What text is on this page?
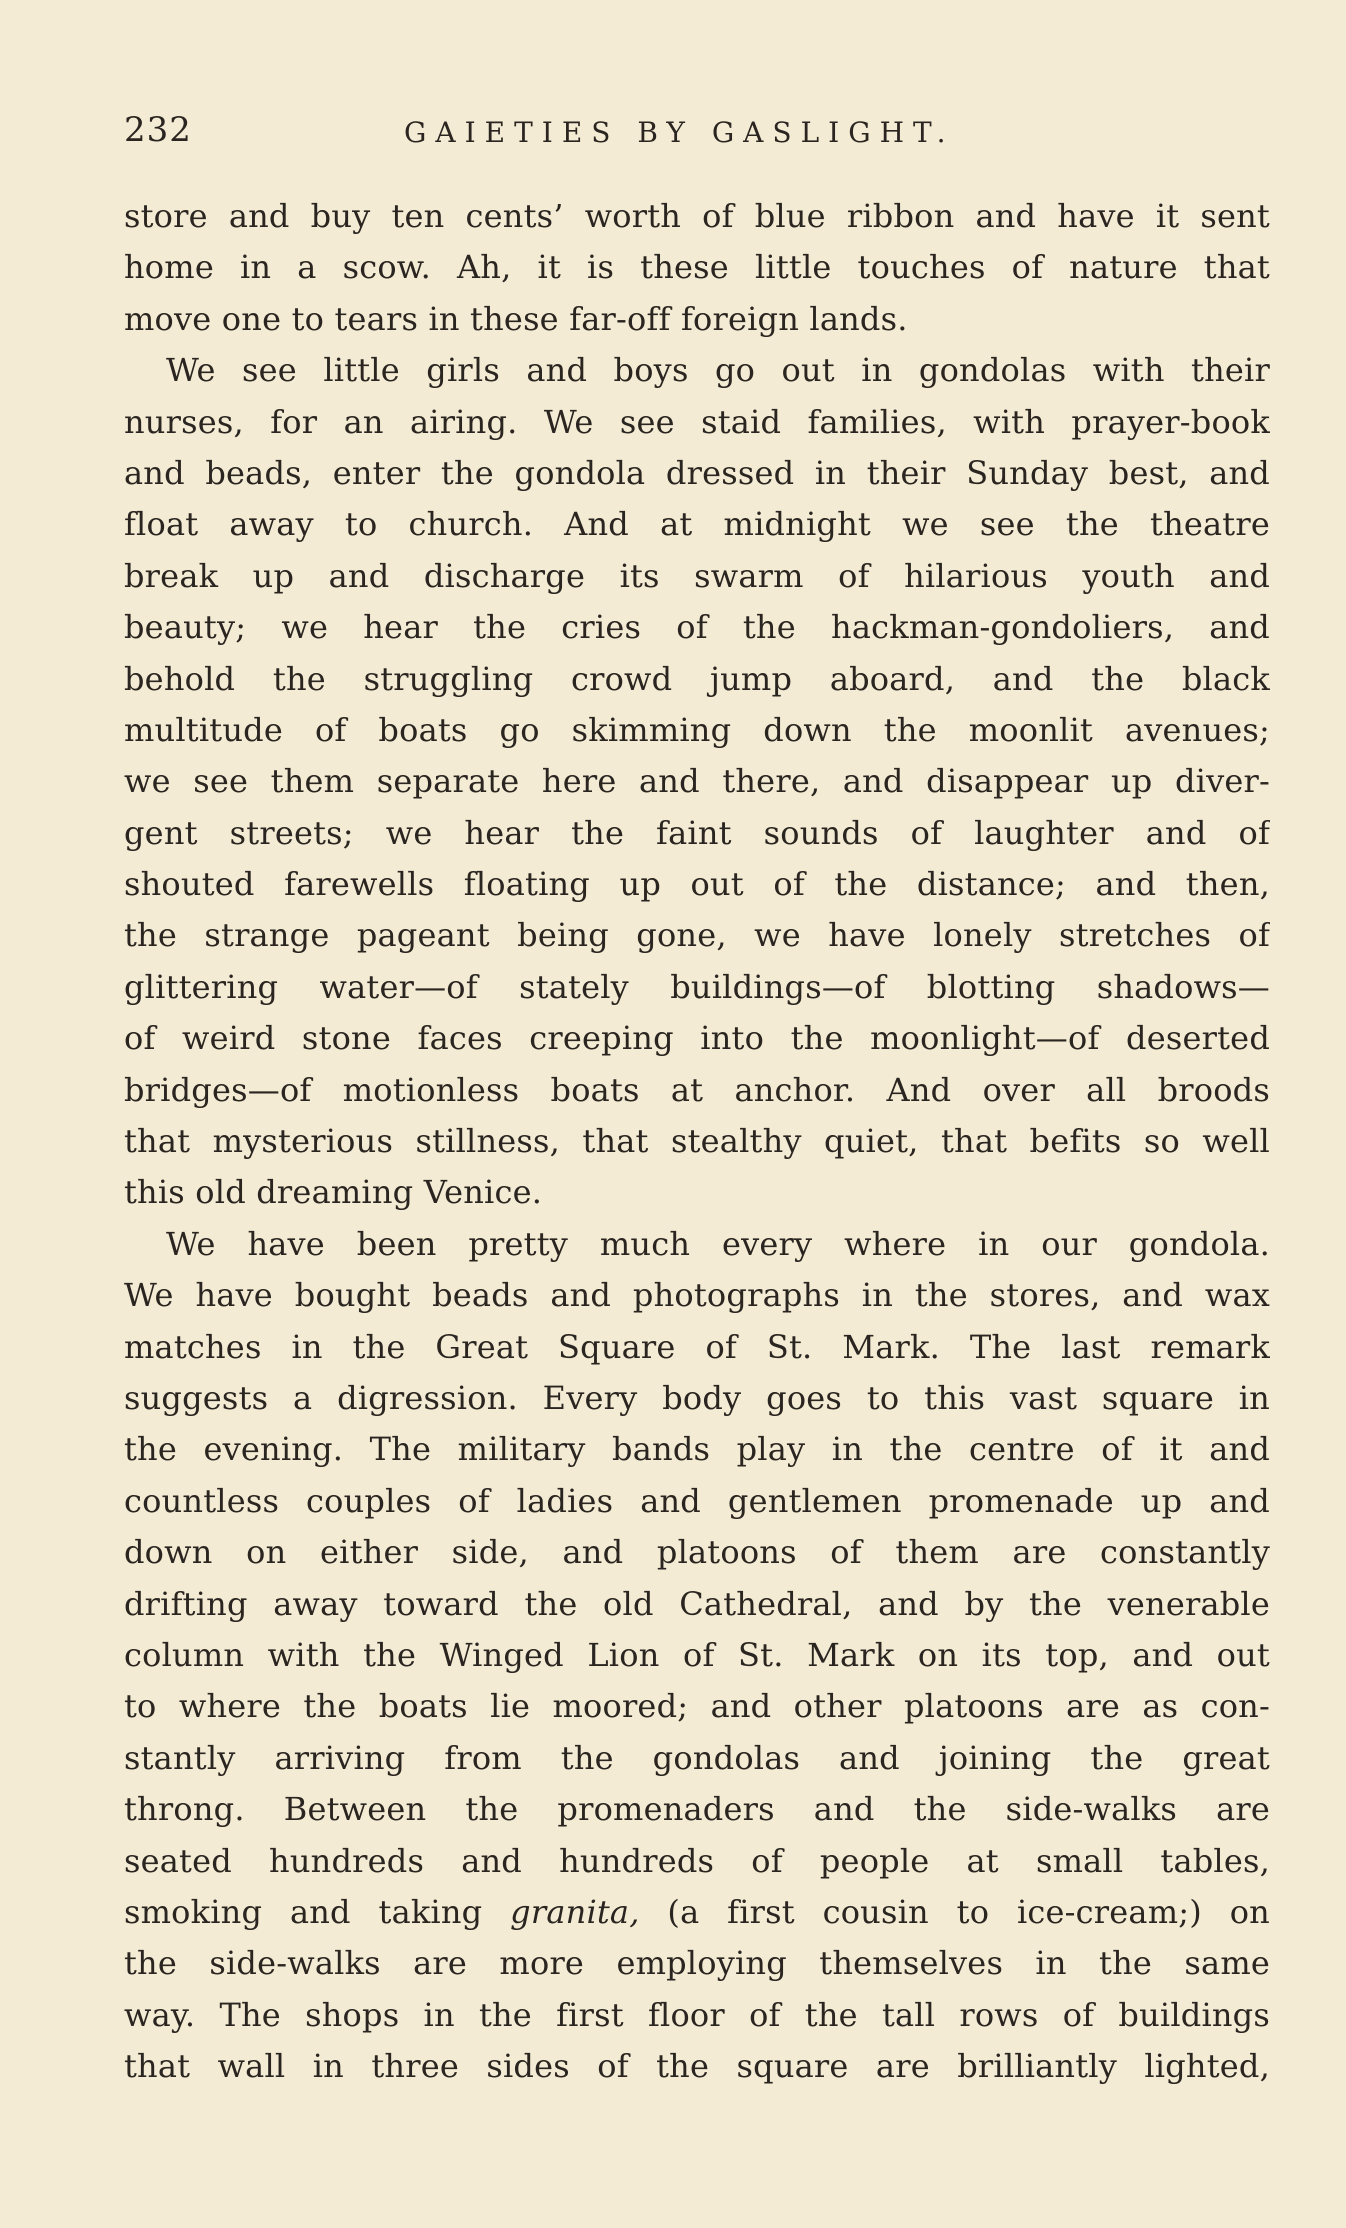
232	GAIETIES BY GASLIGHT.
store and buy ten cents’ worth of blue ribbon and have it sent
home in a scow. Ah, it is these little touches of nature that
move one to tears in these far-off foreign lands.
We see little girls and boys go out in gondolas with their
nurses, for an airing. We see staid families, with prayer-book
and beads, enter the gondola dressed in their Sunday best, and
float away to church. And at midnight we see the theatre
break up and discharge its swarm of hilarious youth and
beauty; we hear the cries of the hackman-gondoliers, and
behold the struggling crowd jump aboard, and the black
multitude of boats go skimming down the moonlit avenues;
we see them separate here and there, and disappear up diver-
gent streets; we hear the faint sounds of laughter and of
shouted farewells floating up out of the distance; and then,
the strange pageant being gone, we have lonely stretches of
glittering water—of stately buildings—of blotting shadows—
of weird stone faces creeping into the moonlight—of deserted
bridges—of motionless boats at anchor. And over all broods
that mysterious stillness, that stealthy quiet, that befits so well
this old dreaming Venice.
We have been pretty much every where in our gondola.
We have bought beads and photographs in the stores, and wax
matches in the Great Square of St. Mark. The last remark
suggests a digression. Every body goes to this vast square in
the evening. The military bands play in the centre of it and
countless couples of ladies and gentlemen promenade up and
down on either side, and platoons of them are constantly
drifting away toward the old Cathedral, and by the venerable
column with the Winged Lion of St. Mark on its top, and out
to where the boats lie moored; and other platoons are as con-
stantly arriving from the gondolas and joining the great
throng. Between the promenaders and the side-walks are
seated hundreds and hundreds of people at small tables,
smoking and taking granita, (a first cousin to ice-cream;) on
the side-walks are more employing themselves in the same
way. The shops in the first floor of the tall rows of buildings
that wall in three sides of the square are brilliantly lighted,
